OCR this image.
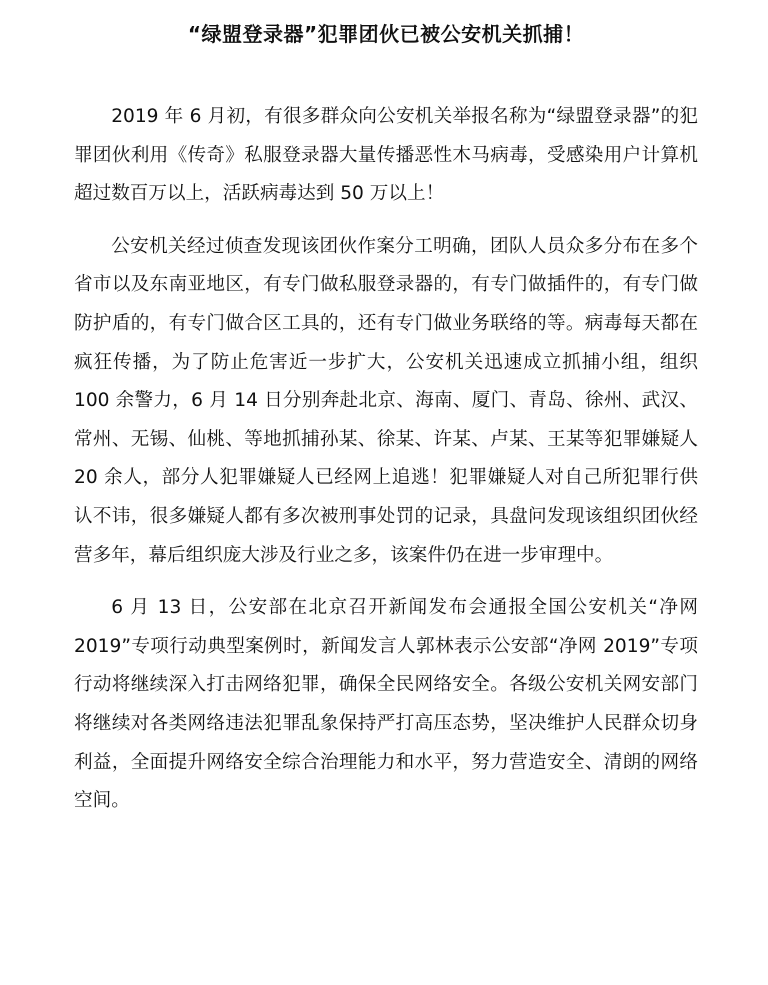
“绿盟登录器”犯罪团伙已被公安机关抓捕！

2019 年 6 月初，有很多群众向公安机关举报名称为“绿盟登录器”的犯罪团伙利用《传奇》私服登录器大量传播恶性木马病毒，受感染用户计算机超过数百万以上，活跃病毒达到 50 万以上！

公安机关经过侦查发现该团伙作案分工明确，团队人员众多分布在多个省市以及东南亚地区，有专门做私服登录器的，有专门做插件的，有专门做防护盾的，有专门做合区工具的，还有专门做业务联络的等。病毒每天都在疯狂传播，为了防止危害近一步扩大，公安机关迅速成立抓捕小组，组织 100 余警力，6 月 14 日分别奔赴北京、海南、厦门、青岛、徐州、武汉、常州、无锡、仙桃、等地抓捕孙某、徐某、许某、卢某、王某等犯罪嫌疑人 20 余人，部分人犯罪嫌疑人已经网上追逃！犯罪嫌疑人对自己所犯罪行供认不讳，很多嫌疑人都有多次被刑事处罚的记录，具盘问发现该组织团伙经营多年，幕后组织庞大涉及行业之多，该案件仍在进一步审理中。

6 月 13 日，公安部在北京召开新闻发布会通报全国公安机关“净网 2019”专项行动典型案例时，新闻发言人郭林表示公安部“净网 2019”专项行动将继续深入打击网络犯罪，确保全民网络安全。各级公安机关网安部门将继续对各类网络违法犯罪乱象保持严打高压态势，坚决维护人民群众切身利益，全面提升网络安全综合治理能力和水平，努力营造安全、清朗的网络空间。
